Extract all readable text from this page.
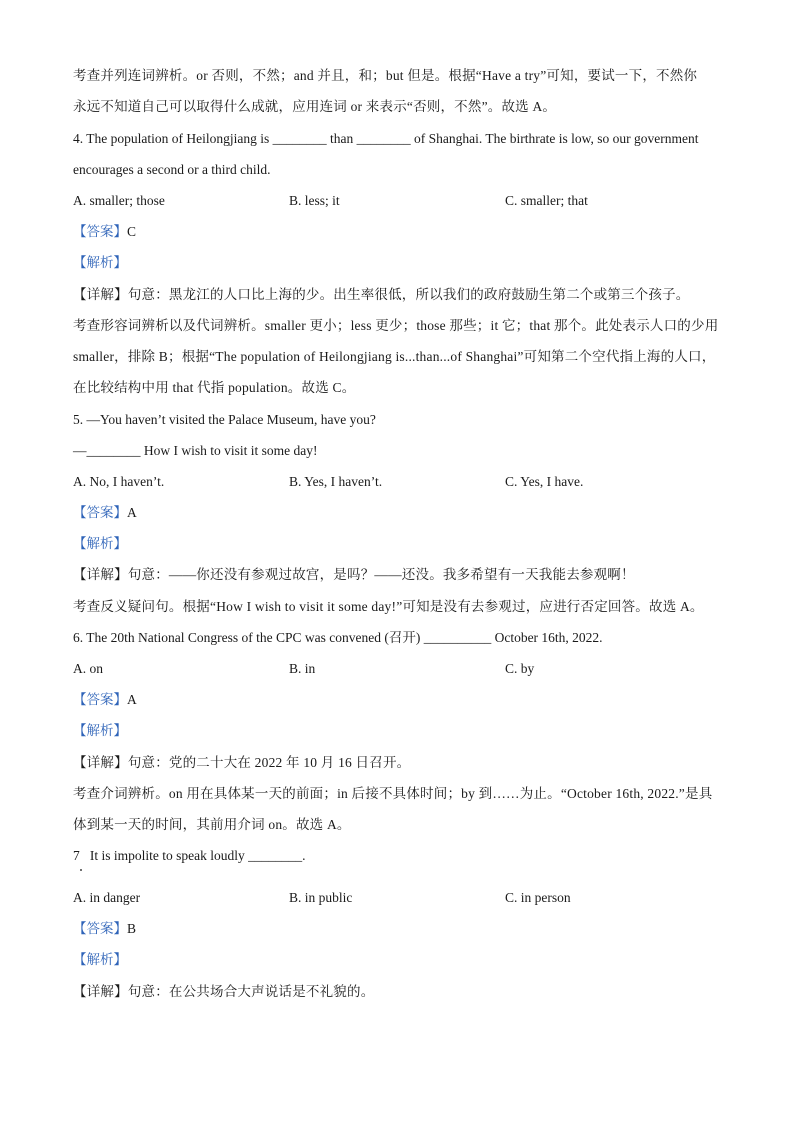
考查并列连词辨析。or 否则，不然；and 并且，和；but 但是。根据“Have a try”可知，要试一下，不然你
永远不知道自己可以取得什么成就，应用连词 or 来表示“否则，不然”。故选 A。
4. The population of Heilongjiang is ________ than ________ of Shanghai. The birthrate is low, so our government
encourages a second or a third child.
A. smaller; those	B. less; it	C. smaller; that
【答案】C
【解析】
【详解】句意：黑龙江的人口比上海的少。出生率很低，所以我们的政府鼓励生第二个或第三个孩子。
考查形容词辨析以及代词辨析。smaller 更小；less 更少；those 那些；it 它；that 那个。此处表示人口的少用
smaller，排除 B；根据“The population of Heilongjiang is...than...of Shanghai”可知第二个空代指上海的人口，
在比较结构中用 that 代指 population。故选 C。
5. —You haven’t visited the Palace Museum, have you?
—________ How I wish to visit it some day!
A. No, I haven’t.	B. Yes, I haven’t.	C. Yes, I have.
【答案】A
【解析】
【详解】句意：——你还没有参观过故宫，是吗？——还没。我多希望有一天我能去参观啊！
考查反义疑问句。根据“How I wish to visit it some day!”可知是没有去参观过，应进行否定回答。故选 A。
6. The 20th National Congress of the CPC was convened (召开) __________ October 16th, 2022.
A. on	B. in	C. by
【答案】A
【解析】
【详解】句意：党的二十大在 2022 年 10 月 16 日召开。
考查介词辨析。on 用在具体某一天的前面；in 后接不具体时间；by 到……为止。“October 16th, 2022.”是具
体到某一天的时间，其前用介词 on。故选 A。
7   It is impolite to speak loudly ________.
A. in danger	B. in public	C. in person
【答案】B
【解析】
【详解】句意：在公共场合大声说话是不礼貌的。
